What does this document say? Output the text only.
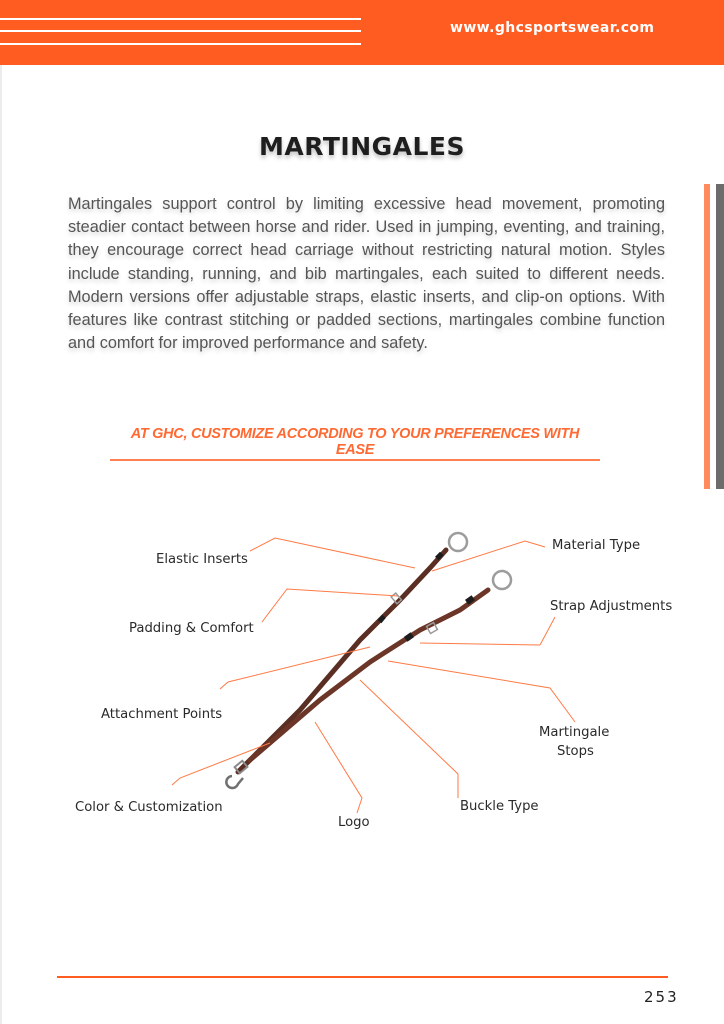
www.ghcsportswear.com
MARTINGALES
Martingales support control by limiting excessive head movement, promoting steadier contact between horse and rider. Used in jumping, eventing, and training, they encourage correct head carriage without restricting natural motion. Styles include standing, running, and bib martingales, each suited to different needs. Modern versions offer adjustable straps, elastic inserts, and clip-on options. With features like contrast stitching or padded sections, martingales combine function and comfort for improved performance and safety.
AT GHC, CUSTOMIZE ACCORDING TO YOUR PREFERENCES WITH EASE
Elastic Inserts
Material Type
Padding & Comfort
Strap Adjustments
Attachment Points
Martingale
Stops
Color & Customization
Logo
Buckle Type
253
